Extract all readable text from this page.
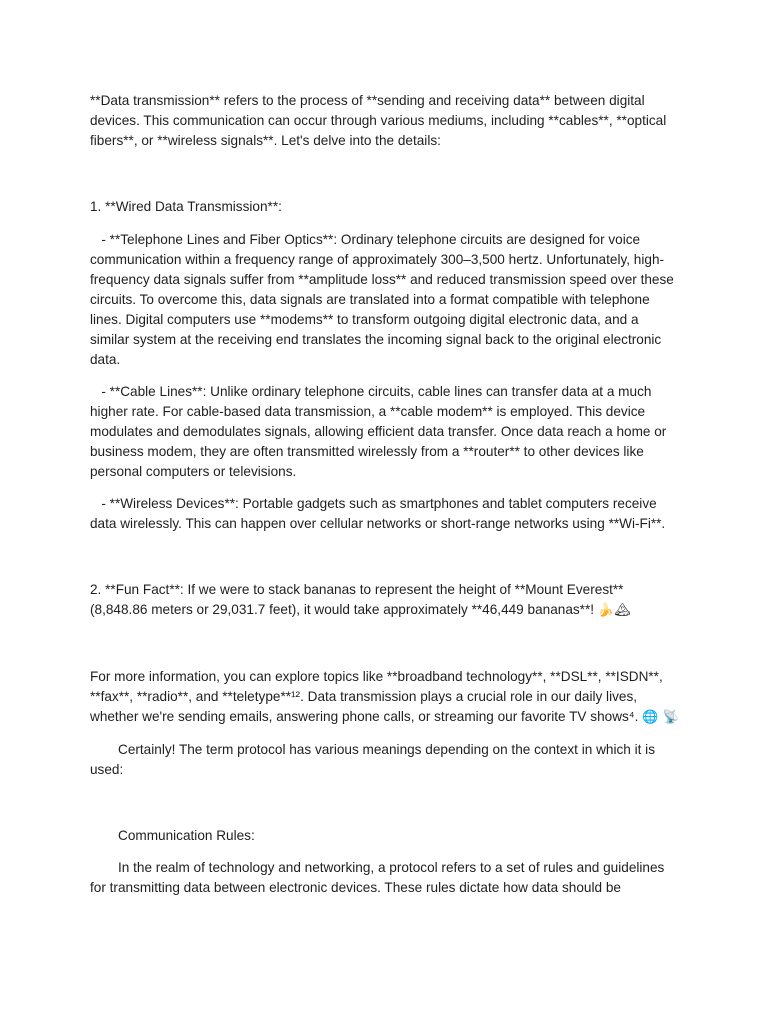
**Data transmission** refers to the process of **sending and receiving data** between digital devices. This communication can occur through various mediums, including **cables**, **optical fibers**, or **wireless signals**. Let's delve into the details:

1. **Wired Data Transmission**:

- **Telephone Lines and Fiber Optics**: Ordinary telephone circuits are designed for voice communication within a frequency range of approximately 300–3,500 hertz. Unfortunately, high-frequency data signals suffer from **amplitude loss** and reduced transmission speed over these circuits. To overcome this, data signals are translated into a format compatible with telephone lines. Digital computers use **modems** to transform outgoing digital electronic data, and a similar system at the receiving end translates the incoming signal back to the original electronic data.

- **Cable Lines**: Unlike ordinary telephone circuits, cable lines can transfer data at a much higher rate. For cable-based data transmission, a **cable modem** is employed. This device modulates and demodulates signals, allowing efficient data transfer. Once data reach a home or business modem, they are often transmitted wirelessly from a **router** to other devices like personal computers or televisions.

- **Wireless Devices**: Portable gadgets such as smartphones and tablet computers receive data wirelessly. This can happen over cellular networks or short-range networks using **Wi-Fi**.

2. **Fun Fact**: If we were to stack bananas to represent the height of **Mount Everest** (8,848.86 meters or 29,031.7 feet), it would take approximately **46,449 bananas**! 🍌🏔

For more information, you can explore topics like **broadband technology**, **DSL**, **ISDN**, **fax**, **radio**, and **teletype**¹². Data transmission plays a crucial role in our daily lives, whether we're sending emails, answering phone calls, or streaming our favorite TV shows⁴. 🌐 📡

Certainly! The term protocol has various meanings depending on the context in which it is used:

Communication Rules:

In the realm of technology and networking, a protocol refers to a set of rules and guidelines for transmitting data between electronic devices. These rules dictate how data should be
